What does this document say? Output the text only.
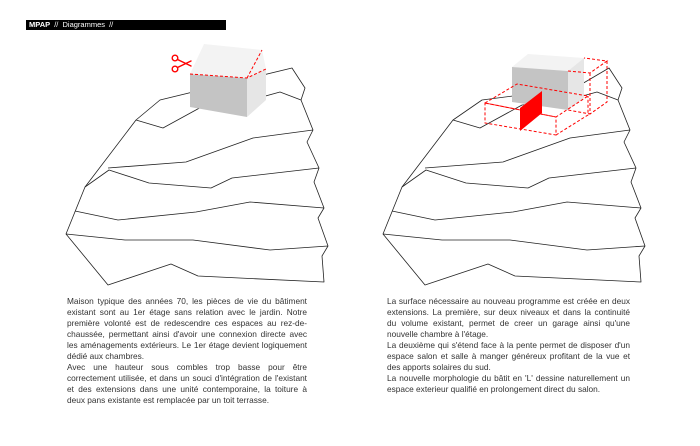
MPAP // Diagrammes //

Maison typique des années 70, les pièces de vie du bâtiment existant sont au 1er étage sans relation avec le jardin. Notre première volonté est de redescendre ces espaces au rez-de-chaussée, permettant ainsi d'avoir une connexion directe avec les aménagements extérieurs. Le 1er étage devient logiquement dédié aux chambres.

Avec une hauteur sous combles trop basse pour être correctement utilisée, et dans un souci d'intégration de l'existant et des extensions dans une unité contemporaine, la toiture à deux pans existante est remplacée par un toit terrasse.

La surface nécessaire au nouveau programme est créée en deux extensions. La première, sur deux niveaux et dans la continuité du volume existant, permet de creer un garage ainsi qu'une nouvelle chambre à l'étage.

La deuxième qui s'étend face à la pente permet de disposer d'un espace salon et salle à manger généreux profitant de la vue et des apports solaires du sud.

La nouvelle morphologie du bâtit en 'L' dessine naturellement un espace exterieur qualifié en prolongement direct du salon.
